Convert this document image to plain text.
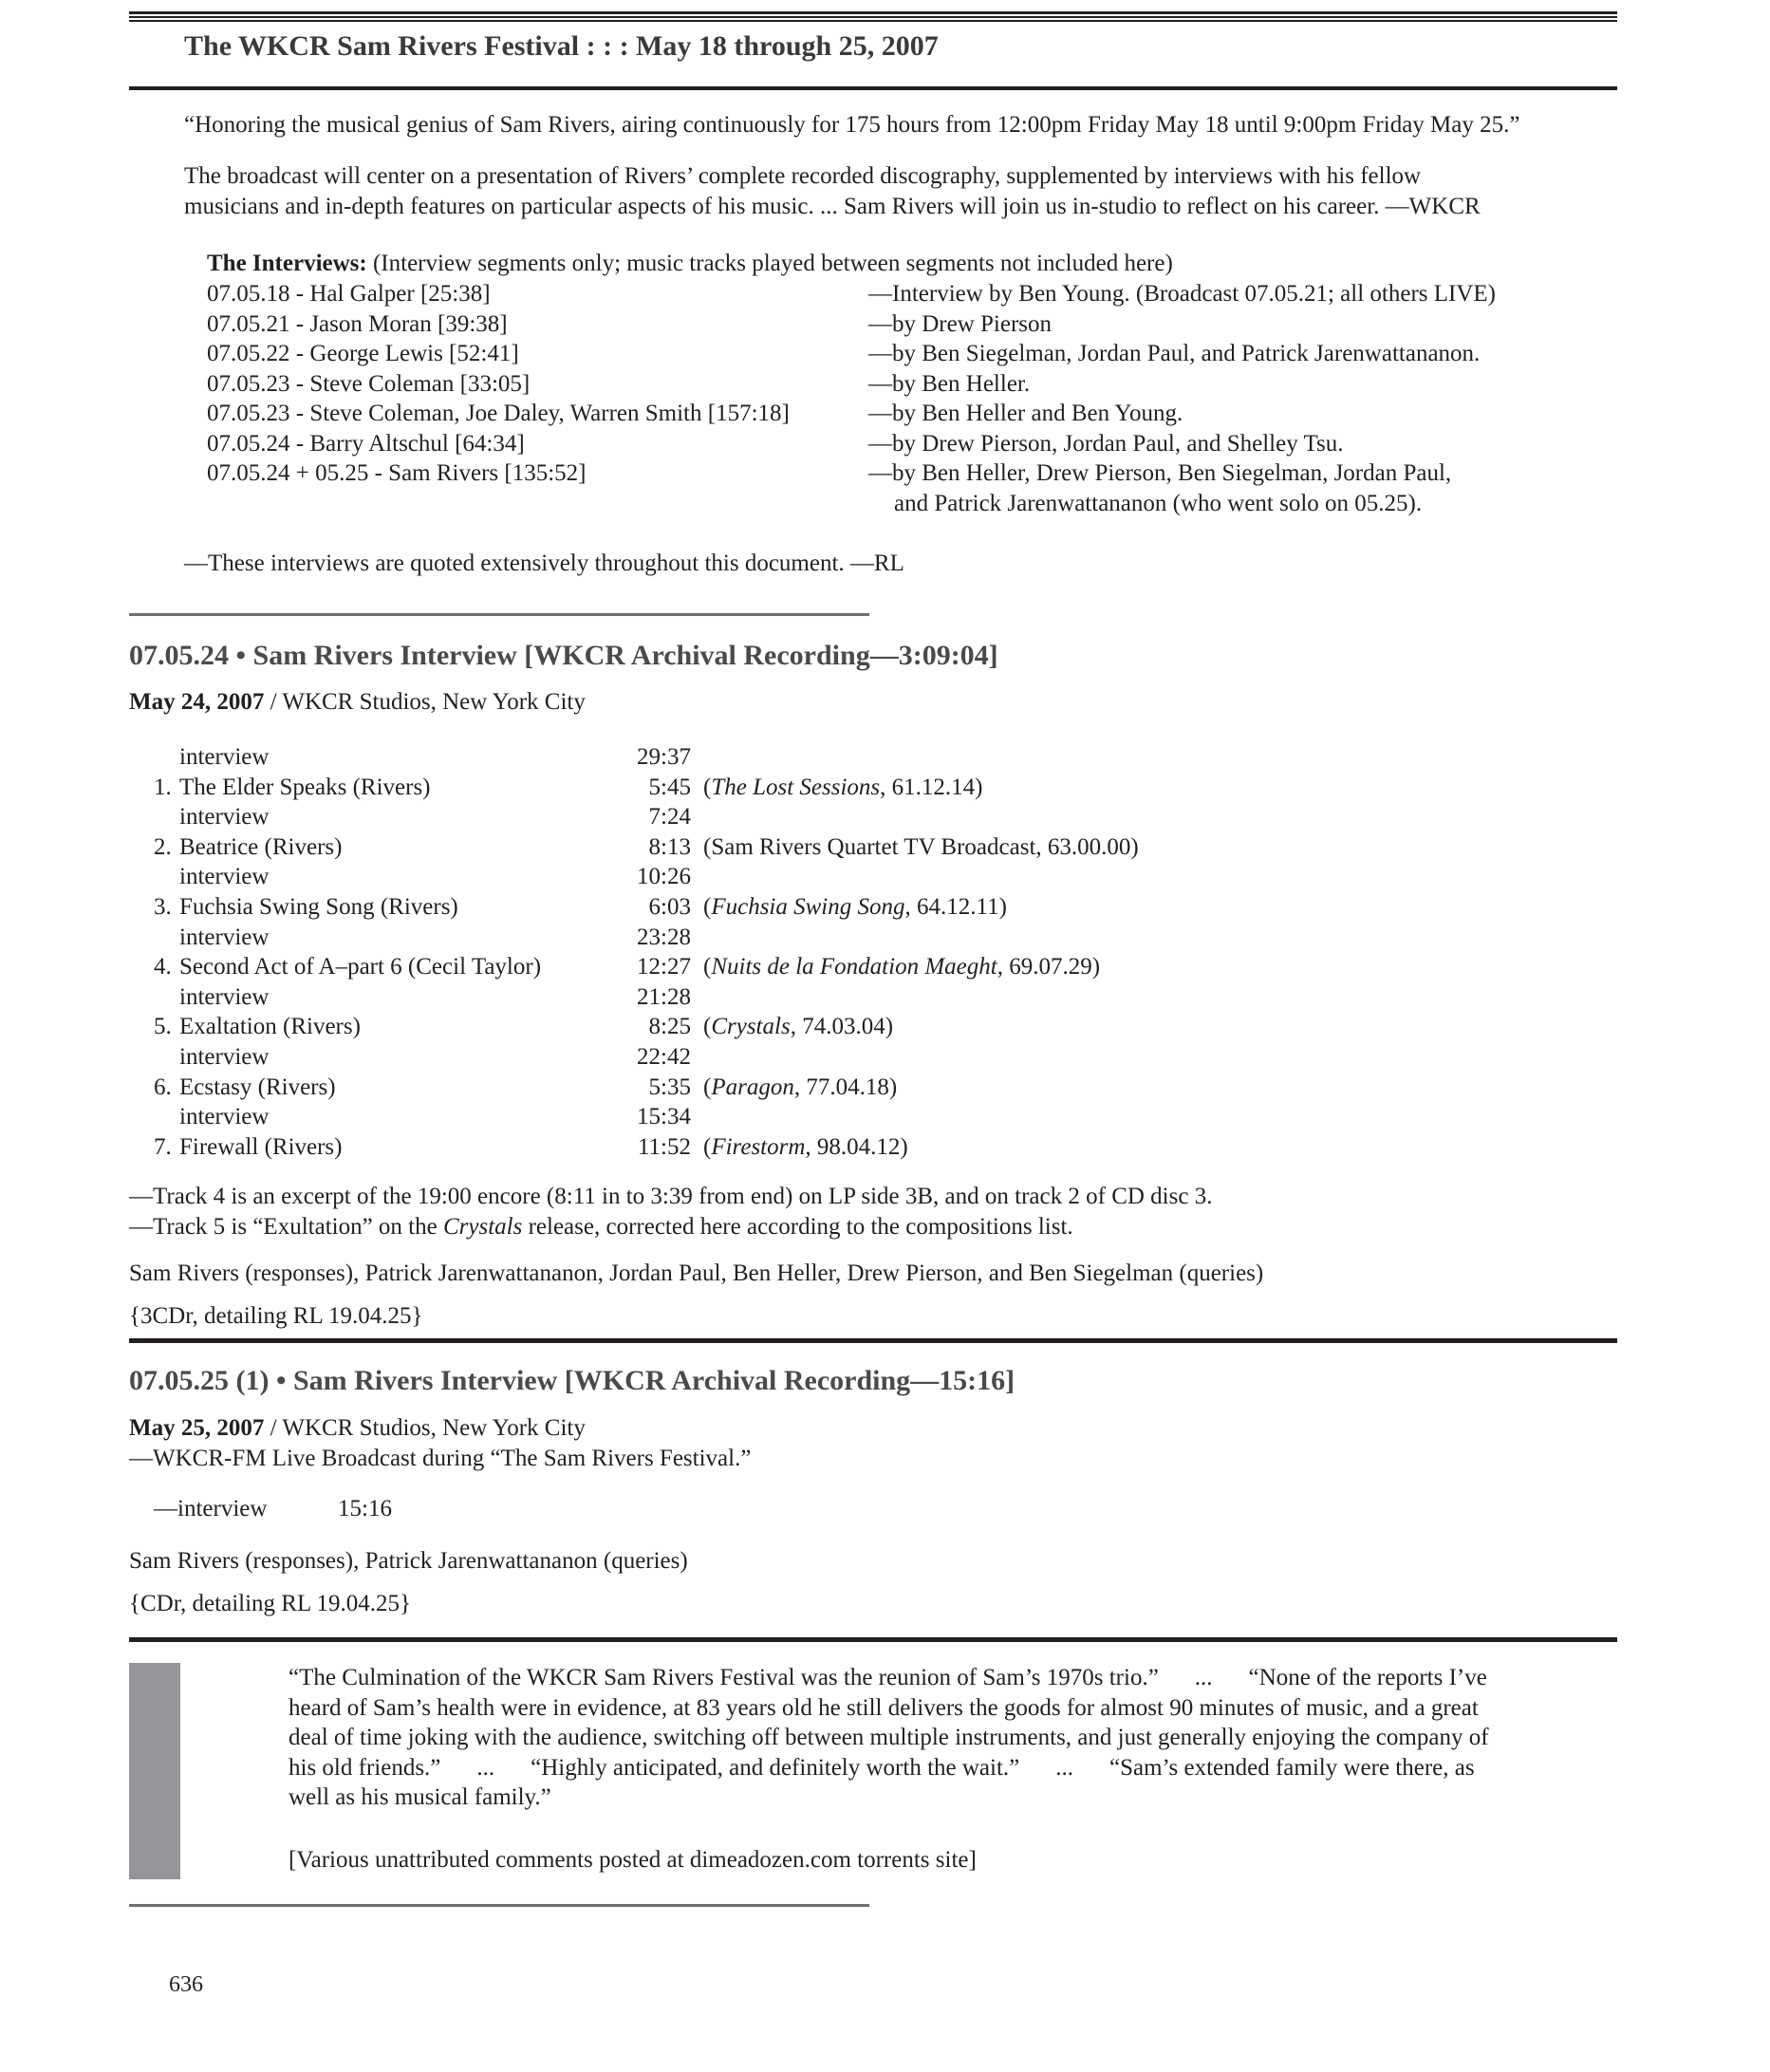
The WKCR Sam Rivers Festival : : : May 18 through 25, 2007
“Honoring the musical genius of Sam Rivers, airing continuously for 175 hours from 12:00pm Friday May 18 until 9:00pm Friday May 25.”
The broadcast will center on a presentation of Rivers’ complete recorded discography, supplemented by interviews with his fellow
musicians and in-depth features on particular aspects of his music. ... Sam Rivers will join us in-studio to reflect on his career. —WKCR
The Interviews: (Interview segments only; music tracks played between segments not included here)
07.05.18 - Hal Galper [25:38]	—Interview by Ben Young. (Broadcast 07.05.21; all others LIVE)
07.05.21 - Jason Moran [39:38]	—by Drew Pierson
07.05.22 - George Lewis [52:41]	—by Ben Siegelman, Jordan Paul, and Patrick Jarenwattananon.
07.05.23 - Steve Coleman [33:05]	—by Ben Heller.
07.05.23 - Steve Coleman, Joe Daley, Warren Smith [157:18]	—by Ben Heller and Ben Young.
07.05.24 - Barry Altschul [64:34]	—by Drew Pierson, Jordan Paul, and Shelley Tsu.
07.05.24 + 05.25 - Sam Rivers [135:52]	—by Ben Heller, Drew Pierson, Ben Siegelman, Jordan Paul,
and Patrick Jarenwattananon (who went solo on 05.25).
—These interviews are quoted extensively throughout this document. —RL
07.05.24 • Sam Rivers Interview [WKCR Archival Recording—3:09:04]
May 24, 2007 / WKCR Studios, New York City
interview	29:37
1. The Elder Speaks (Rivers)	5:45 (The Lost Sessions, 61.12.14)
interview	7:24
2. Beatrice (Rivers)	8:13 (Sam Rivers Quartet TV Broadcast, 63.00.00)
interview	10:26
3. Fuchsia Swing Song (Rivers)	6:03 (Fuchsia Swing Song, 64.12.11)
interview	23:28
4. Second Act of A–part 6 (Cecil Taylor)	12:27 (Nuits de la Fondation Maeght, 69.07.29)
interview	21:28
5. Exaltation (Rivers)	8:25 (Crystals, 74.03.04)
interview	22:42
6. Ecstasy (Rivers)	5:35 (Paragon, 77.04.18)
interview	15:34
7. Firewall (Rivers)	11:52 (Firestorm, 98.04.12)
—Track 4 is an excerpt of the 19:00 encore (8:11 in to 3:39 from end) on LP side 3B, and on track 2 of CD disc 3.
—Track 5 is “Exultation” on the Crystals release, corrected here according to the compositions list.
Sam Rivers (responses), Patrick Jarenwattananon, Jordan Paul, Ben Heller, Drew Pierson, and Ben Siegelman (queries)
{3CDr, detailing RL 19.04.25}
07.05.25 (1) • Sam Rivers Interview [WKCR Archival Recording—15:16]
May 25, 2007 / WKCR Studios, New York City
—WKCR-FM Live Broadcast during “The Sam Rivers Festival.”
—interview	15:16
Sam Rivers (responses), Patrick Jarenwattananon (queries)
{CDr, detailing RL 19.04.25}
“The Culmination of the WKCR Sam Rivers Festival was the reunion of Sam’s 1970s trio.” ... “None of the reports I’ve heard of Sam’s health were in evidence, at 83 years old he still delivers the goods for almost 90 minutes of music, and a great deal of time joking with the audience, switching off between multiple instruments, and just generally enjoying the company of his old friends.” ... “Highly anticipated, and definitely worth the wait.” ... “Sam’s extended family were there, as well as his musical family.”
[Various unattributed comments posted at dimeadozen.com torrents site]
636
